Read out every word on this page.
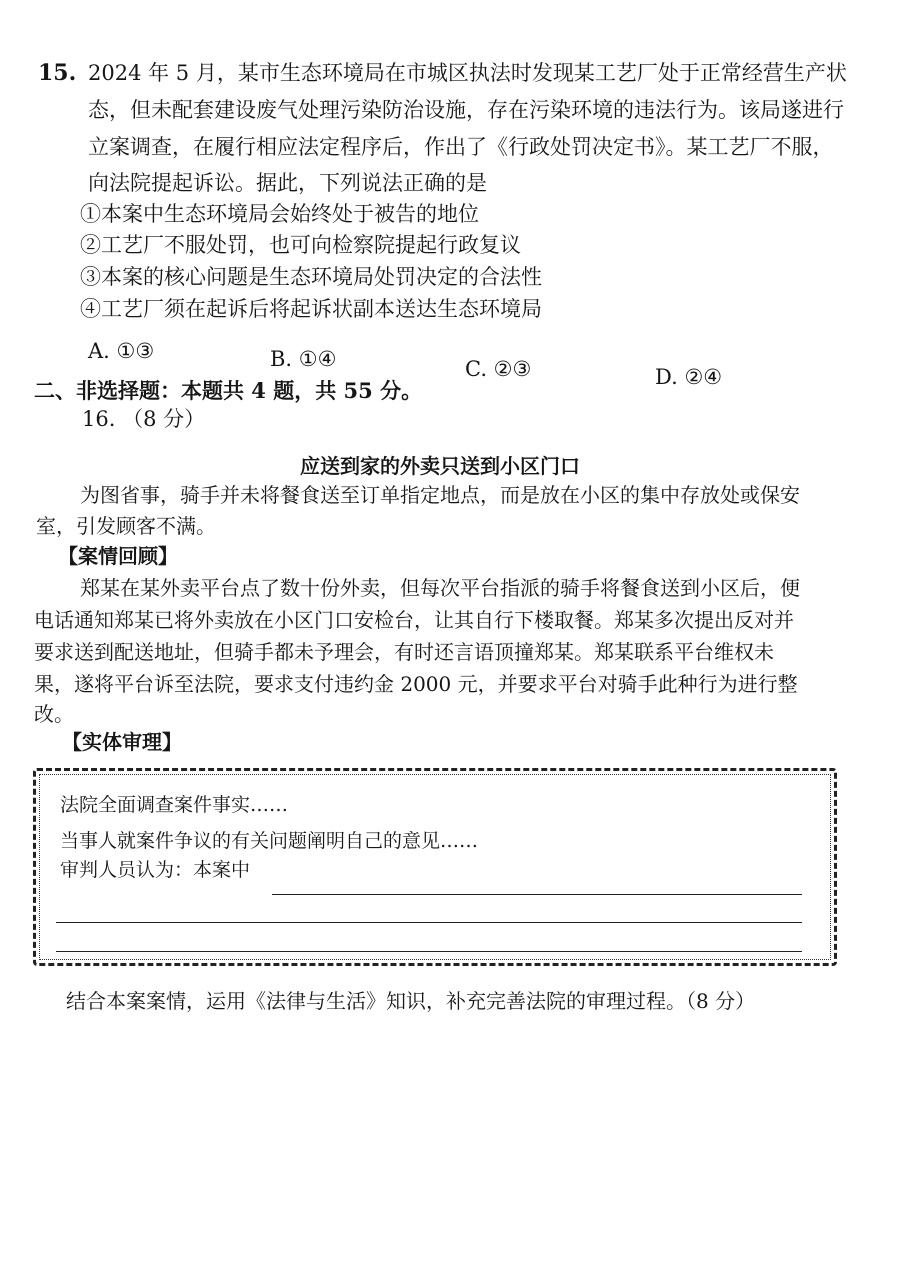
15. 2024 年 5 月，某市生态环境局在市城区执法时发现某工艺厂处于正常经营生产状
态，但未配套建设废气处理污染防治设施，存在污染环境的违法行为。该局遂进行
立案调查，在履行相应法定程序后，作出了《行政处罚决定书》。某工艺厂不服，
向法院提起诉讼。据此，下列说法正确的是
①本案中生态环境局会始终处于被告的地位
②工艺厂不服处罚，也可向检察院提起行政复议
③本案的核心问题是生态环境局处罚决定的合法性
④工艺厂须在起诉后将起诉状副本送达生态环境局
A. ①③	B. ①④	C. ②③	D. ②④
二、非选择题：本题共 4 题，共 55 分。
16. （8 分）
应送到家的外卖只送到小区门口
为图省事，骑手并未将餐食送至订单指定地点，而是放在小区的集中存放处或保安
室，引发顾客不满。
【案情回顾】
郑某在某外卖平台点了数十份外卖，但每次平台指派的骑手将餐食送到小区后，便
电话通知郑某已将外卖放在小区门口安检台，让其自行下楼取餐。郑某多次提出反对并
要求送到配送地址，但骑手都未予理会，有时还言语顶撞郑某。郑某联系平台维权未
果，遂将平台诉至法院，要求支付违约金 2000 元，并要求平台对骑手此种行为进行整
改。
【实体审理】
法院全面调查案件事实……
当事人就案件争议的有关问题阐明自己的意见……
审判人员认为：本案中
结合本案案情，运用《法律与生活》知识，补充完善法院的审理过程。（8 分）
